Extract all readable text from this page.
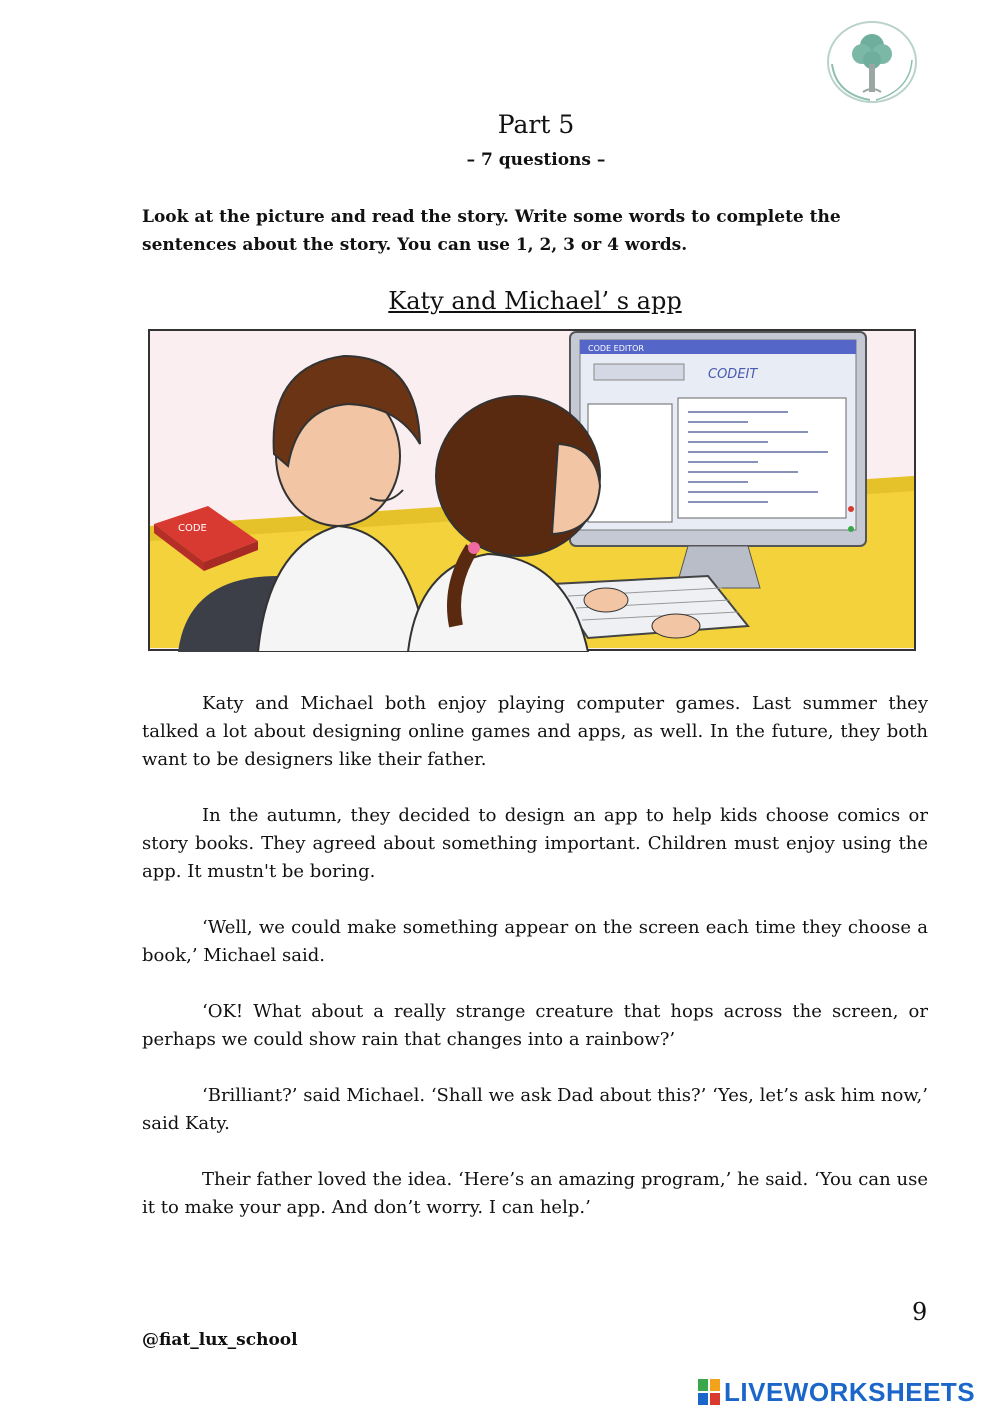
Part 5
– 7 questions –
Look at the picture and read the story. Write some words to complete the sentences about the story. You can use 1, 2, 3 or 4 words.
Katy and Michael’ s app
CODE
CODE EDITOR
CODEIT

Katy and Michael both enjoy playing computer games. Last summer they talked a lot about designing online games and apps, as well. In the future, they both want to be designers like their father.

In the autumn, they decided to design an app to help kids choose comics or story books. They agreed about something important. Children must enjoy using the app. It mustn't be boring.

‘Well, we could make something appear on the screen each time they choose a book,’ Michael said.

‘OK! What about a really strange creature that hops across the screen, or perhaps we could show rain that changes into a rainbow?’

‘Brilliant?’ said Michael. ‘Shall we ask Dad about this?’ ‘Yes, let’s ask him now,’ said Katy.

Their father loved the idea. ‘Here’s an amazing program,’ he said. ‘You can use it to make your app. And don’t worry. I can help.’

9
@fiat_lux_school
LIVEWORKSHEETS
